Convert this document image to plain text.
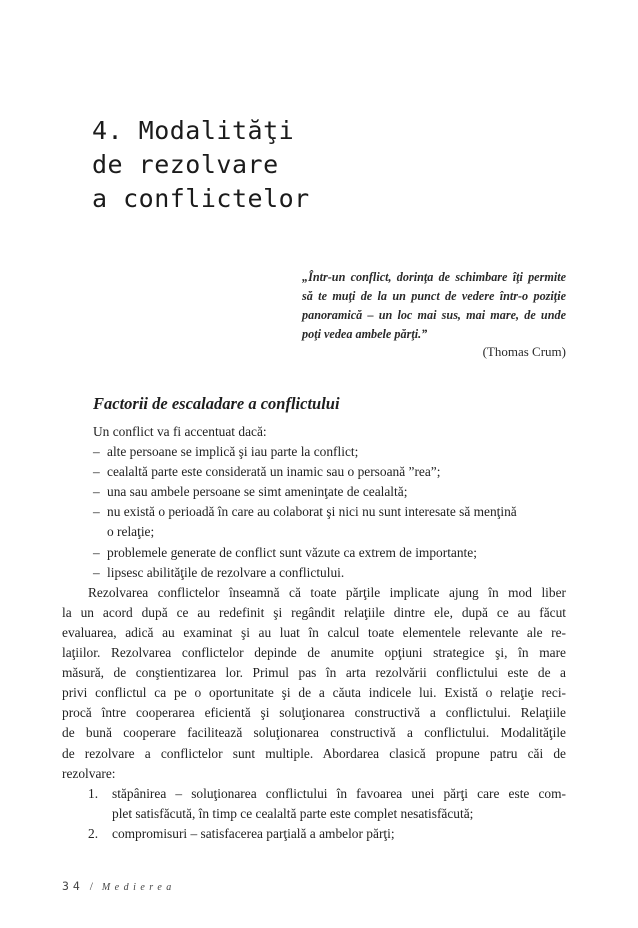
4. Modalităţi
de rezolvare
a conflictelor
„Într-un conflict, dorinţa de schimbare îţi permite să te muţi de la un punct de vedere într-o poziţie panoramică – un loc mai sus, mai mare, de unde poţi vedea ambele părţi.”
(Thomas Crum)
Factorii de escaladare a conflictului
Un conflict va fi accentuat dacă:
– alte persoane se implică şi iau parte la conflict;
– cealaltă parte este considerată un inamic sau o persoană ”rea”;
– una sau ambele persoane se simt ameninţate de cealaltă;
– nu există o perioadă în care au colaborat şi nici nu sunt interesate să menţină
o relaţie;
– problemele generate de conflict sunt văzute ca extrem de importante;
– lipsesc abilităţile de rezolvare a conflictului.
Rezolvarea conflictelor înseamnă că toate părţile implicate ajung în mod liber
la un acord după ce au redefinit şi regândit relaţiile dintre ele, după ce au făcut
evaluarea, adică au examinat şi au luat în calcul toate elementele relevante ale re-
laţiilor. Rezolvarea conflictelor depinde de anumite opţiuni strategice şi, în mare
măsură, de conştientizarea lor. Primul pas în arta rezolvării conflictului este de a
privi conflictul ca pe o oportunitate şi de a căuta indicele lui. Există o relaţie reci-
procă între cooperarea eficientă şi soluţionarea constructivă a conflictului. Relaţiile
de bună cooperare facilitează soluţionarea constructivă a conflictului. Modalităţile
de rezolvare a conflictelor sunt multiple. Abordarea clasică propune patru căi de
rezolvare:
1. stăpânirea – soluţionarea conflictului în favoarea unei părţi care este com-
plet satisfăcută, în timp ce cealaltă parte este complet nesatisfăcută;
2. compromisuri – satisfacerea parţială a ambelor părţi;
34 / Medierea
